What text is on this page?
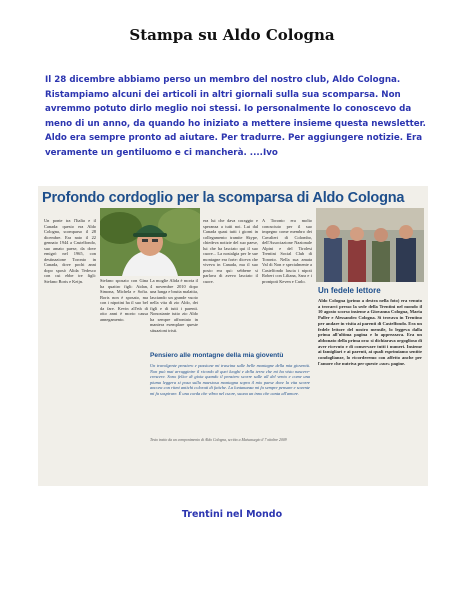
Stampa su Aldo Cologna

Il 28 dicembre abbiamo perso un membro del nostro club, Aldo Cologna. Ristampiamo alcuni dei articoli in altri giornali sulla sua scomparsa. Non avremmo potuto dirlo meglio noi stessi. Io personalmente lo conoscevo da meno di un anno, da quando ho iniziato a mettere insieme questa newsletter. Aldo era sempre pronto ad aiutare. Per tradurre. Per aggiungere notizie. Era veramente un gentiluomo e ci mancherà. ....Ivo

Profondo cordoglio per la scomparsa di Aldo Cologna
Un ponte tra l'Italia e il Canada: questo era Aldo Cologna, scomparso il 28 dicembre. Era nato il 22 gennaio 1944 a Castelfondo, suo amato paese, da dove emigrò nel 1965, con destinazione Toronto in Canada, dove pochi anni dopo sposò Alida Tedesco con cui ebbe tre figli: Stefano Boris e Keijn.	Stefano sposato con Gina ha quattro figli: Aidan, Simona, Michela e Sofia. Boris non è sposato, ma con i nipotini ha il suo bel da fare. Kevin all'età di otto anni è morto causa annegamento.
La moglie Alida è morta il 4 novembre 2010 dopo una lunga e brutta malattia, lasciando un grande vuoto nella vita di zio Aldo, dei figli e di tutti i parenti. Nonostante tutto zio Aldo ha sempre affrontato in maniera esemplare queste situazioni tristi.
era lui che dava coraggio e speranza a tutti noi. Lui dal Canada quasi tutti i giorni in collegamento tramite Skype, chiedeva notizie del suo paese, lui che ha lasciato qui il suo cuore... La nostalgia per le sue montagne era forte: diceva che viveva in Canada, ma il suo posto era qui: sebbene si parlava di avevo lasciato il cuore.
A Toronto era molto conosciuto per il suo impegno come membro dei Cavalieri di Colombo, dell'Associazione Nazionale Alpini e del Tirolesi Trentini Social Club di Toronto. Nella sua amata Val di Non e specialmente a Castelfondo lascia i nipoti Robert con Liliana, Sara e i pronipoti Keven e Carlo.
Un fedele lettore
Aldo Cologna (primo a destra nella foto) era venuto a trovarci presso la sede della Trentini nel mondo il 10 agosto scorso insieme a Giovanna Cologna, Maria Paller e Alessandro Cologna. Si trovava in Trentino per andare in visita ai parenti di Castelfondo. Era un fedele lettore del nostro mensile, lo leggeva dalla prima all'ultima pagina e lo apprezzava. Era un abbonato della prima ora: si dichiarava orgoglioso di aver ricevuto e di conservare tutti i numeri. Insieme ai famigliari e ai parenti, ai quali esprimiamo sentite condoglianze, lo ricorderemo con affetto anche per l'amore che nutriva per queste «sue» pagine.
Pensiero alle montagne della mia gioventù
Un travolgente pensiero e passione mi trascina sulle belle montagne della mia gioventù. Non può mai arrugginire il ricordo di quei luoghi e della terra che mi ha visto nascere-crescere. Sono felice di gioia quando il pensiero scorre sulle all del vento e come una piuma leggera si posa sulla maestosa montagna sopra il mio paese dove la vita scorre ancora con ritmi antichi colorati di fatiche. La lontananza mi fa sempre pensare e sovente mi fa sospirare. È una corda che vibra nel cuore, suona un inno che canta all'amore.
Testo tratto da un componimento di Aldo Cologna, scritto a Maisassegio il 7 ottobre 2009
Trentini nel Mondo
